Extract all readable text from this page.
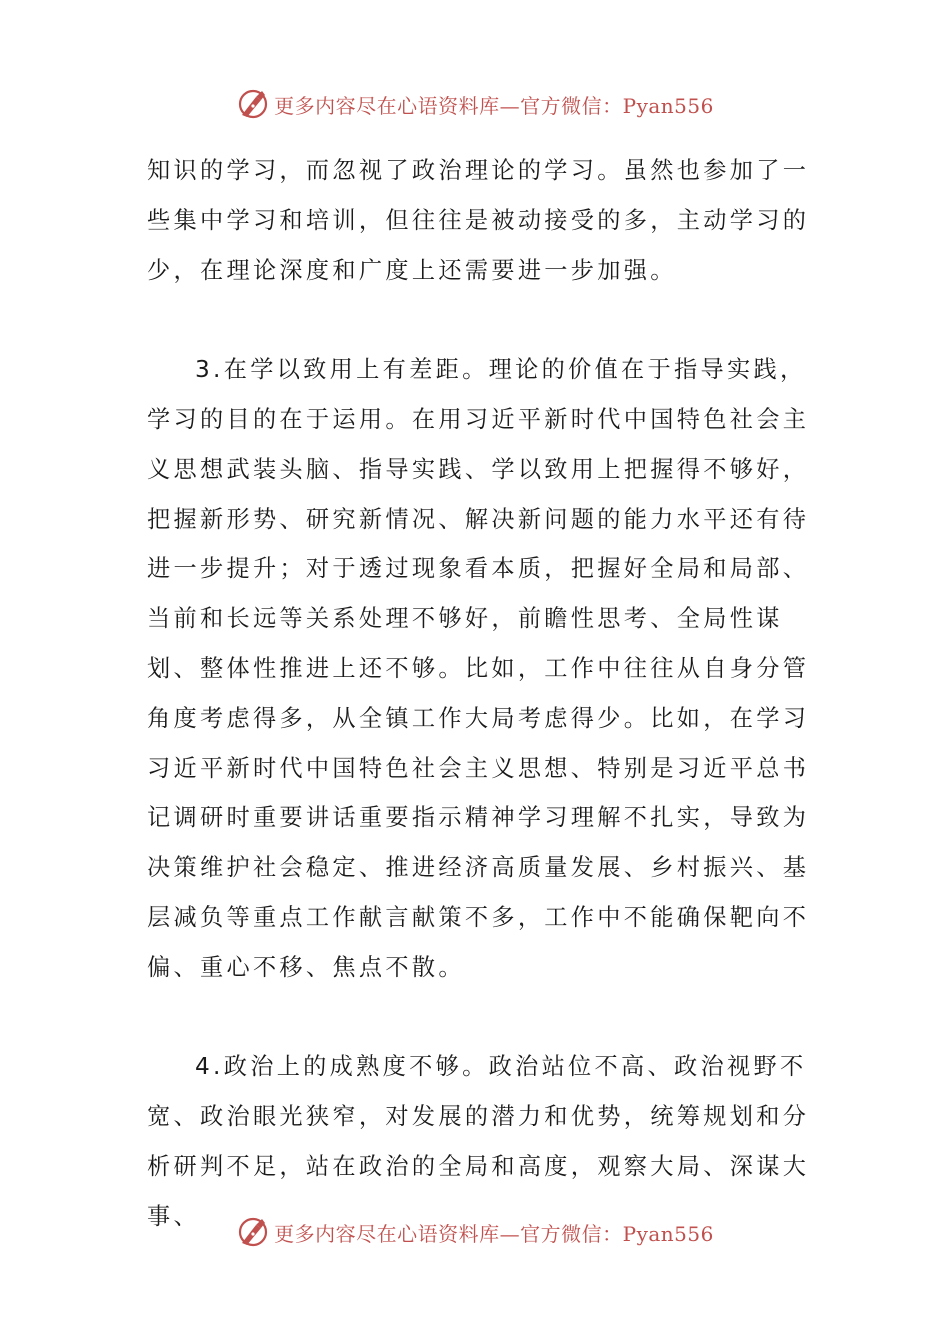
更多内容尽在心语资料库—官方微信：Pyan556

知识的学习，而忽视了政治理论的学习。虽然也参加了一些集中学习和培训，但往往是被动接受的多，主动学习的少，在理论深度和广度上还需要进一步加强。

3.在学以致用上有差距。理论的价值在于指导实践，学习的目的在于运用。在用习近平新时代中国特色社会主义思想武装头脑、指导实践、学以致用上把握得不够好，把握新形势、研究新情况、解决新问题的能力水平还有待进一步提升；对于透过现象看本质，把握好全局和局部、当前和长远等关系处理不够好，前瞻性思考、全局性谋划、整体性推进上还不够。比如，工作中往往从自身分管角度考虑得多，从全镇工作大局考虑得少。比如，在学习习近平新时代中国特色社会主义思想、特别是习近平总书记调研时重要讲话重要指示精神学习理解不扎实，导致为决策维护社会稳定、推进经济高质量发展、乡村振兴、基层减负等重点工作献言献策不多，工作中不能确保靶向不偏、重心不移、焦点不散。

4.政治上的成熟度不够。政治站位不高、政治视野不宽、政治眼光狭窄，对发展的潜力和优势，统筹规划和分析研判不足，站在政治的全局和高度，观察大局、深谋大事、

更多内容尽在心语资料库—官方微信：Pyan556
